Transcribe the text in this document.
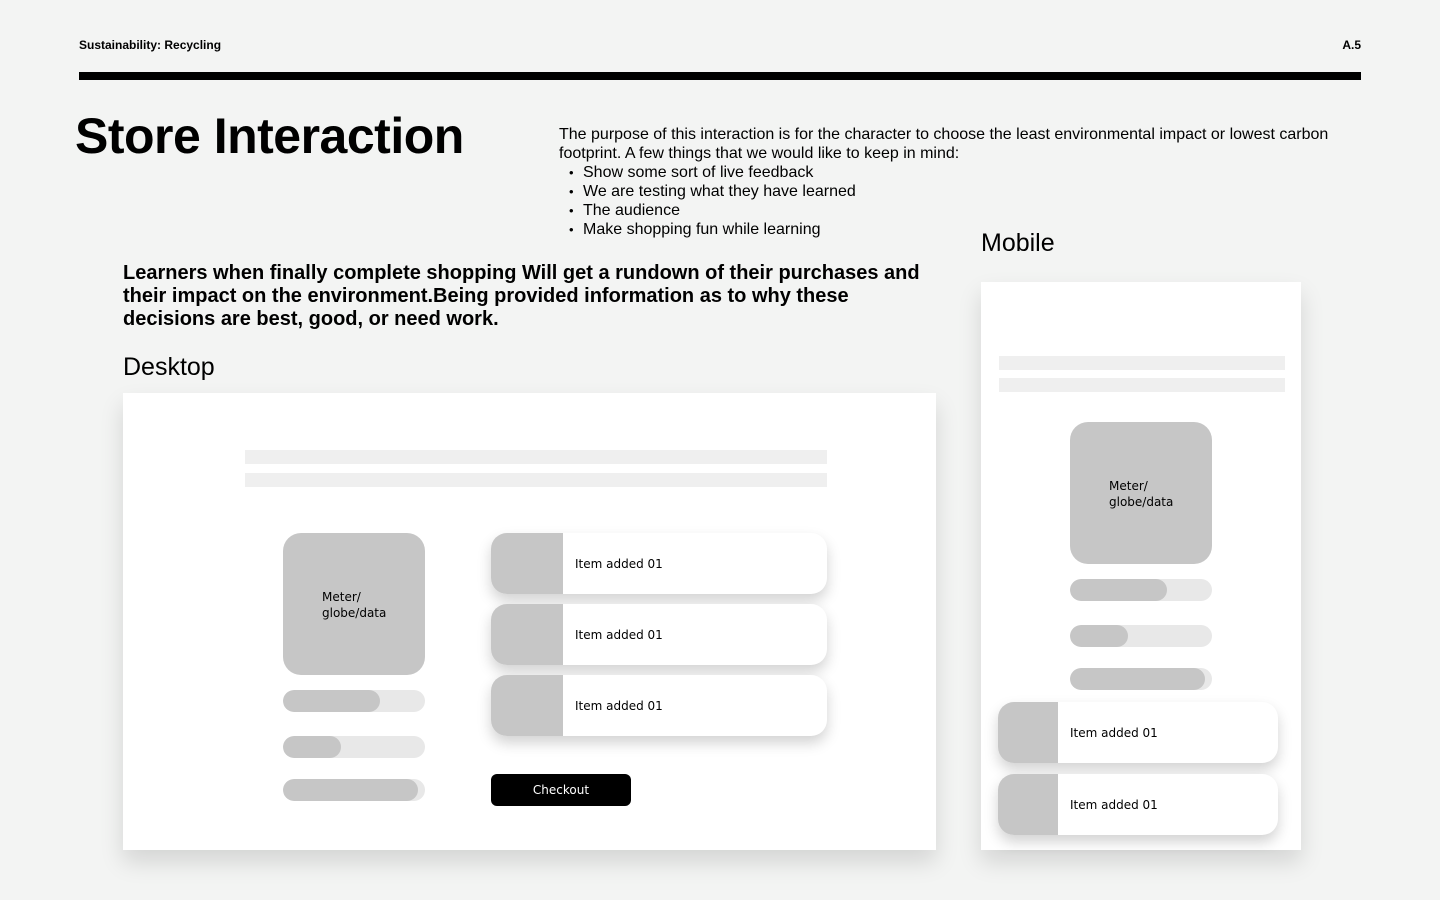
Sustainability: Recycling	A.5
Store Interaction	The purpose of this interaction is for the character to choose the least environmental impact or lowest carbon footprint. A few things that we would like to keep in mind:

• Show some sort of live feedback
• We are testing what they have learned
• The audience
• Make shopping fun while learning

Learners when finally complete shopping Will get a rundown of their purchases and their impact on the environment.Being provided information as to why these decisions are best, good, or need work.

Desktop
Mobile
Meter/ globe/data
Item added 01
Item added 01
Item added 01
Checkout
Meter/ globe/data
Item added 01
Item added 01
